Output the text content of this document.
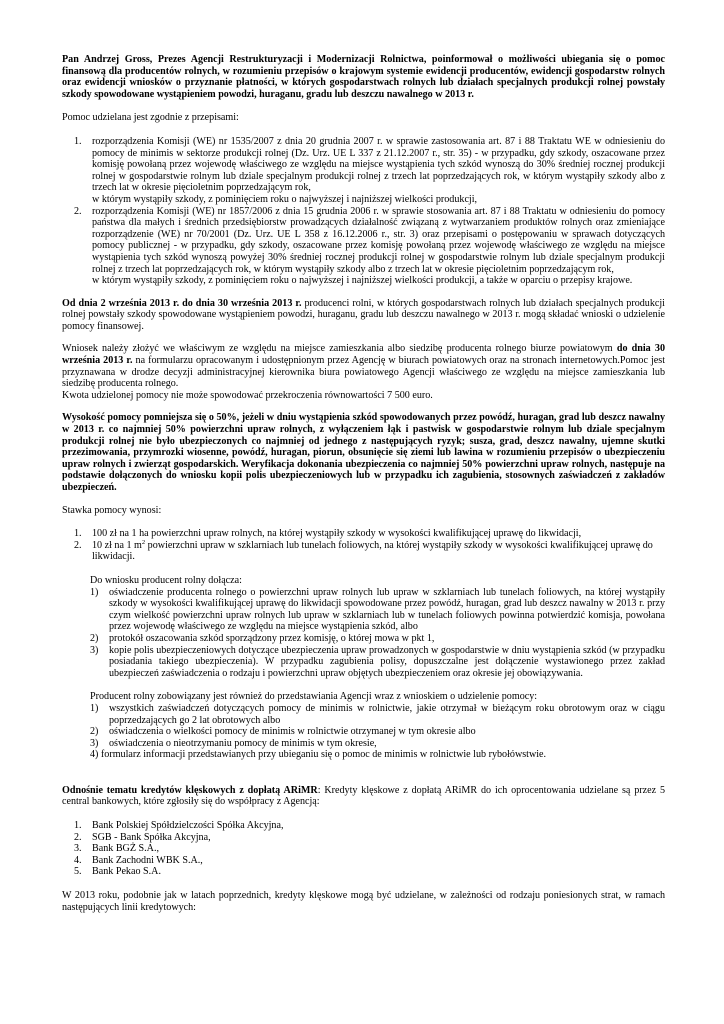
Pan Andrzej Gross, Prezes Agencji Restrukturyzacji i Modernizacji Rolnictwa, poinformował o możliwości ubiegania się o pomoc finansową dla producentów rolnych, w rozumieniu przepisów o krajowym systemie ewidencji producentów, ewidencji gospodarstw rolnych oraz ewidencji wniosków o przyznanie płatności, w których gospodarstwach rolnych lub działach specjalnych produkcji rolnej powstały szkody spowodowane wystąpieniem powodzi, huraganu, gradu lub deszczu nawalnego w 2013 r.

Pomoc udzielana jest zgodnie z przepisami:

1. rozporządzenia Komisji (WE) nr 1535/2007 z dnia 20 grudnia 2007 r. w sprawie zastosowania art. 87 i 88 Traktatu WE w odniesieniu do pomocy de minimis w sektorze produkcji rolnej (Dz. Urz. UE L 337 z 21.12.2007 r., str. 35) - w przypadku, gdy szkody, oszacowane przez komisję powołaną przez wojewodę właściwego ze względu na miejsce wystąpienia tych szkód wynoszą do 30% średniej rocznej produkcji rolnej w gospodarstwie rolnym lub dziale specjalnym produkcji rolnej z trzech lat poprzedzających rok, w którym wystąpiły szkody albo z trzech lat w okresie pięcioletnim poprzedzającym rok,

w którym wystąpiły szkody, z pominięciem roku o najwyższej i najniższej wielkości produkcji,

2. rozporządzenia Komisji (WE) nr 1857/2006 z dnia 15 grudnia 2006 r. w sprawie stosowania art. 87 i 88 Traktatu w odniesieniu do pomocy państwa dla małych i średnich przedsiębiorstw prowadzących działalność związaną z wytwarzaniem produktów rolnych oraz zmieniające rozporządzenie (WE) nr 70/2001 (Dz. Urz. UE L 358 z 16.12.2006 r., str. 3) oraz przepisami o postępowaniu w sprawach dotyczących pomocy publicznej - w przypadku, gdy szkody, oszacowane przez komisję powołaną przez wojewodę właściwego ze względu na miejsce wystąpienia tych szkód wynoszą powyżej 30% średniej rocznej produkcji rolnej w gospodarstwie rolnym lub dziale specjalnym produkcji rolnej z trzech lat poprzedzających rok, w którym wystąpiły szkody albo z trzech lat w okresie pięcioletnim poprzedzającym rok,

w którym wystąpiły szkody, z pominięciem roku o najwyższej i najniższej wielkości produkcji, a także w oparciu o przepisy krajowe.

Od dnia 2 września 2013 r. do dnia 30 września 2013 r. producenci rolni, w których gospodarstwach rolnych lub działach specjalnych produkcji rolnej powstały szkody spowodowane wystąpieniem powodzi, huraganu, gradu lub deszczu nawalnego w 2013 r. mogą składać wnioski o udzielenie pomocy finansowej.

Wniosek należy złożyć we właściwym ze względu na miejsce zamieszkania albo siedzibę producenta rolnego biurze powiatowym do dnia 30 września 2013 r. na formularzu opracowanym i udostępnionym przez Agencję w biurach powiatowych oraz na stronach internetowych.Pomoc jest przyznawana w drodze decyzji administracyjnej kierownika biura powiatowego Agencji właściwego ze względu na miejsce zamieszkania lub siedzibę producenta rolnego.

Kwota udzielonej pomocy nie może spowodować przekroczenia równowartości 7 500 euro.

Wysokość pomocy pomniejsza się o 50%, jeżeli w dniu wystąpienia szkód spowodowanych przez powódź, huragan, grad lub deszcz nawalny w 2013 r. co najmniej 50% powierzchni upraw rolnych, z wyłączeniem łąk i pastwisk w gospodarstwie rolnym lub dziale specjalnym produkcji rolnej nie było ubezpieczonych co najmniej od jednego z następujących ryzyk; susza, grad, deszcz nawalny, ujemne skutki przezimowania, przymrozki wiosenne, powódź, huragan, piorun, obsunięcie się ziemi lub lawina w rozumieniu przepisów o ubezpieczeniu upraw rolnych i zwierząt gospodarskich. Weryfikacja dokonania ubezpieczenia co najmniej 50% powierzchni upraw rolnych, następuje na podstawie dołączonych do wniosku kopii polis ubezpieczeniowych lub w przypadku ich zagubienia, stosownych zaświadczeń z zakładów ubezpieczeń.

Stawka pomocy wynosi:

1. 100 zł na 1 ha powierzchni upraw rolnych, na której wystąpiły szkody w wysokości kwalifikującej uprawę do likwidacji,

2. 10 zł na 1 $m^2$ powierzchni upraw w szklarniach lub tunelach foliowych, na której wystąpiły szkody w wysokości kwalifikującej uprawę do likwidacji.

Do wniosku producent rolny dołącza:

1) oświadczenie producenta rolnego o powierzchni upraw rolnych lub upraw w szklarniach lub tunelach foliowych, na której wystąpiły szkody w wysokości kwalifikującej uprawę do likwidacji spowodowane przez powódź, huragan, grad lub deszcz nawalny w 2013 r. przy czym wielkość powierzchni upraw rolnych lub upraw w szklarniach lub w tunelach foliowych powinna potwierdzić komisja, powołana przez wojewodę właściwego ze względu na miejsce wystąpienia szkód, albo

2) protokół oszacowania szkód sporządzony przez komisję, o której mowa w pkt 1,

3) kopie polis ubezpieczeniowych dotyczące ubezpieczenia upraw prowadzonych w gospodarstwie w dniu wystąpienia szkód (w przypadku posiadania takiego ubezpieczenia). W przypadku zagubienia polisy, dopuszczalne jest dołączenie wystawionego przez zakład ubezpieczeń zaświadczenia o rodzaju i powierzchni upraw objętych ubezpieczeniem oraz okresie jej obowiązywania.

Producent rolny zobowiązany jest również do przedstawiania Agencji wraz z wnioskiem o udzielenie pomocy:

1) wszystkich zaświadczeń dotyczących pomocy de minimis w rolnictwie, jakie otrzymał w bieżącym roku obrotowym oraz w ciągu poprzedzających go 2 lat obrotowych albo

2) oświadczenia o wielkości pomocy de minimis w rolnictwie otrzymanej w tym okresie albo

3) oświadczenia o nieotrzymaniu pomocy de minimis w tym okresie,

4) formularz informacji przedstawianych przy ubieganiu się o pomoc de minimis w rolnictwie lub rybołówstwie.

Odnośnie tematu kredytów klęskowych z dopłatą ARiMR: Kredyty klęskowe z dopłatą ARiMR do ich oprocentowania udzielane są przez 5 central bankowych, które zgłosiły się do współpracy z Agencją:

1. Bank Polskiej Spółdzielczości Spółka Akcyjna,

2. SGB - Bank Spółka Akcyjna,

3. Bank BGŻ S.A.,

4. Bank Zachodni WBK S.A.,

5. Bank Pekao S.A.

W 2013 roku, podobnie jak w latach poprzednich, kredyty klęskowe mogą być udzielane, w zależności od rodzaju poniesionych strat, w ramach następujących linii kredytowych:
